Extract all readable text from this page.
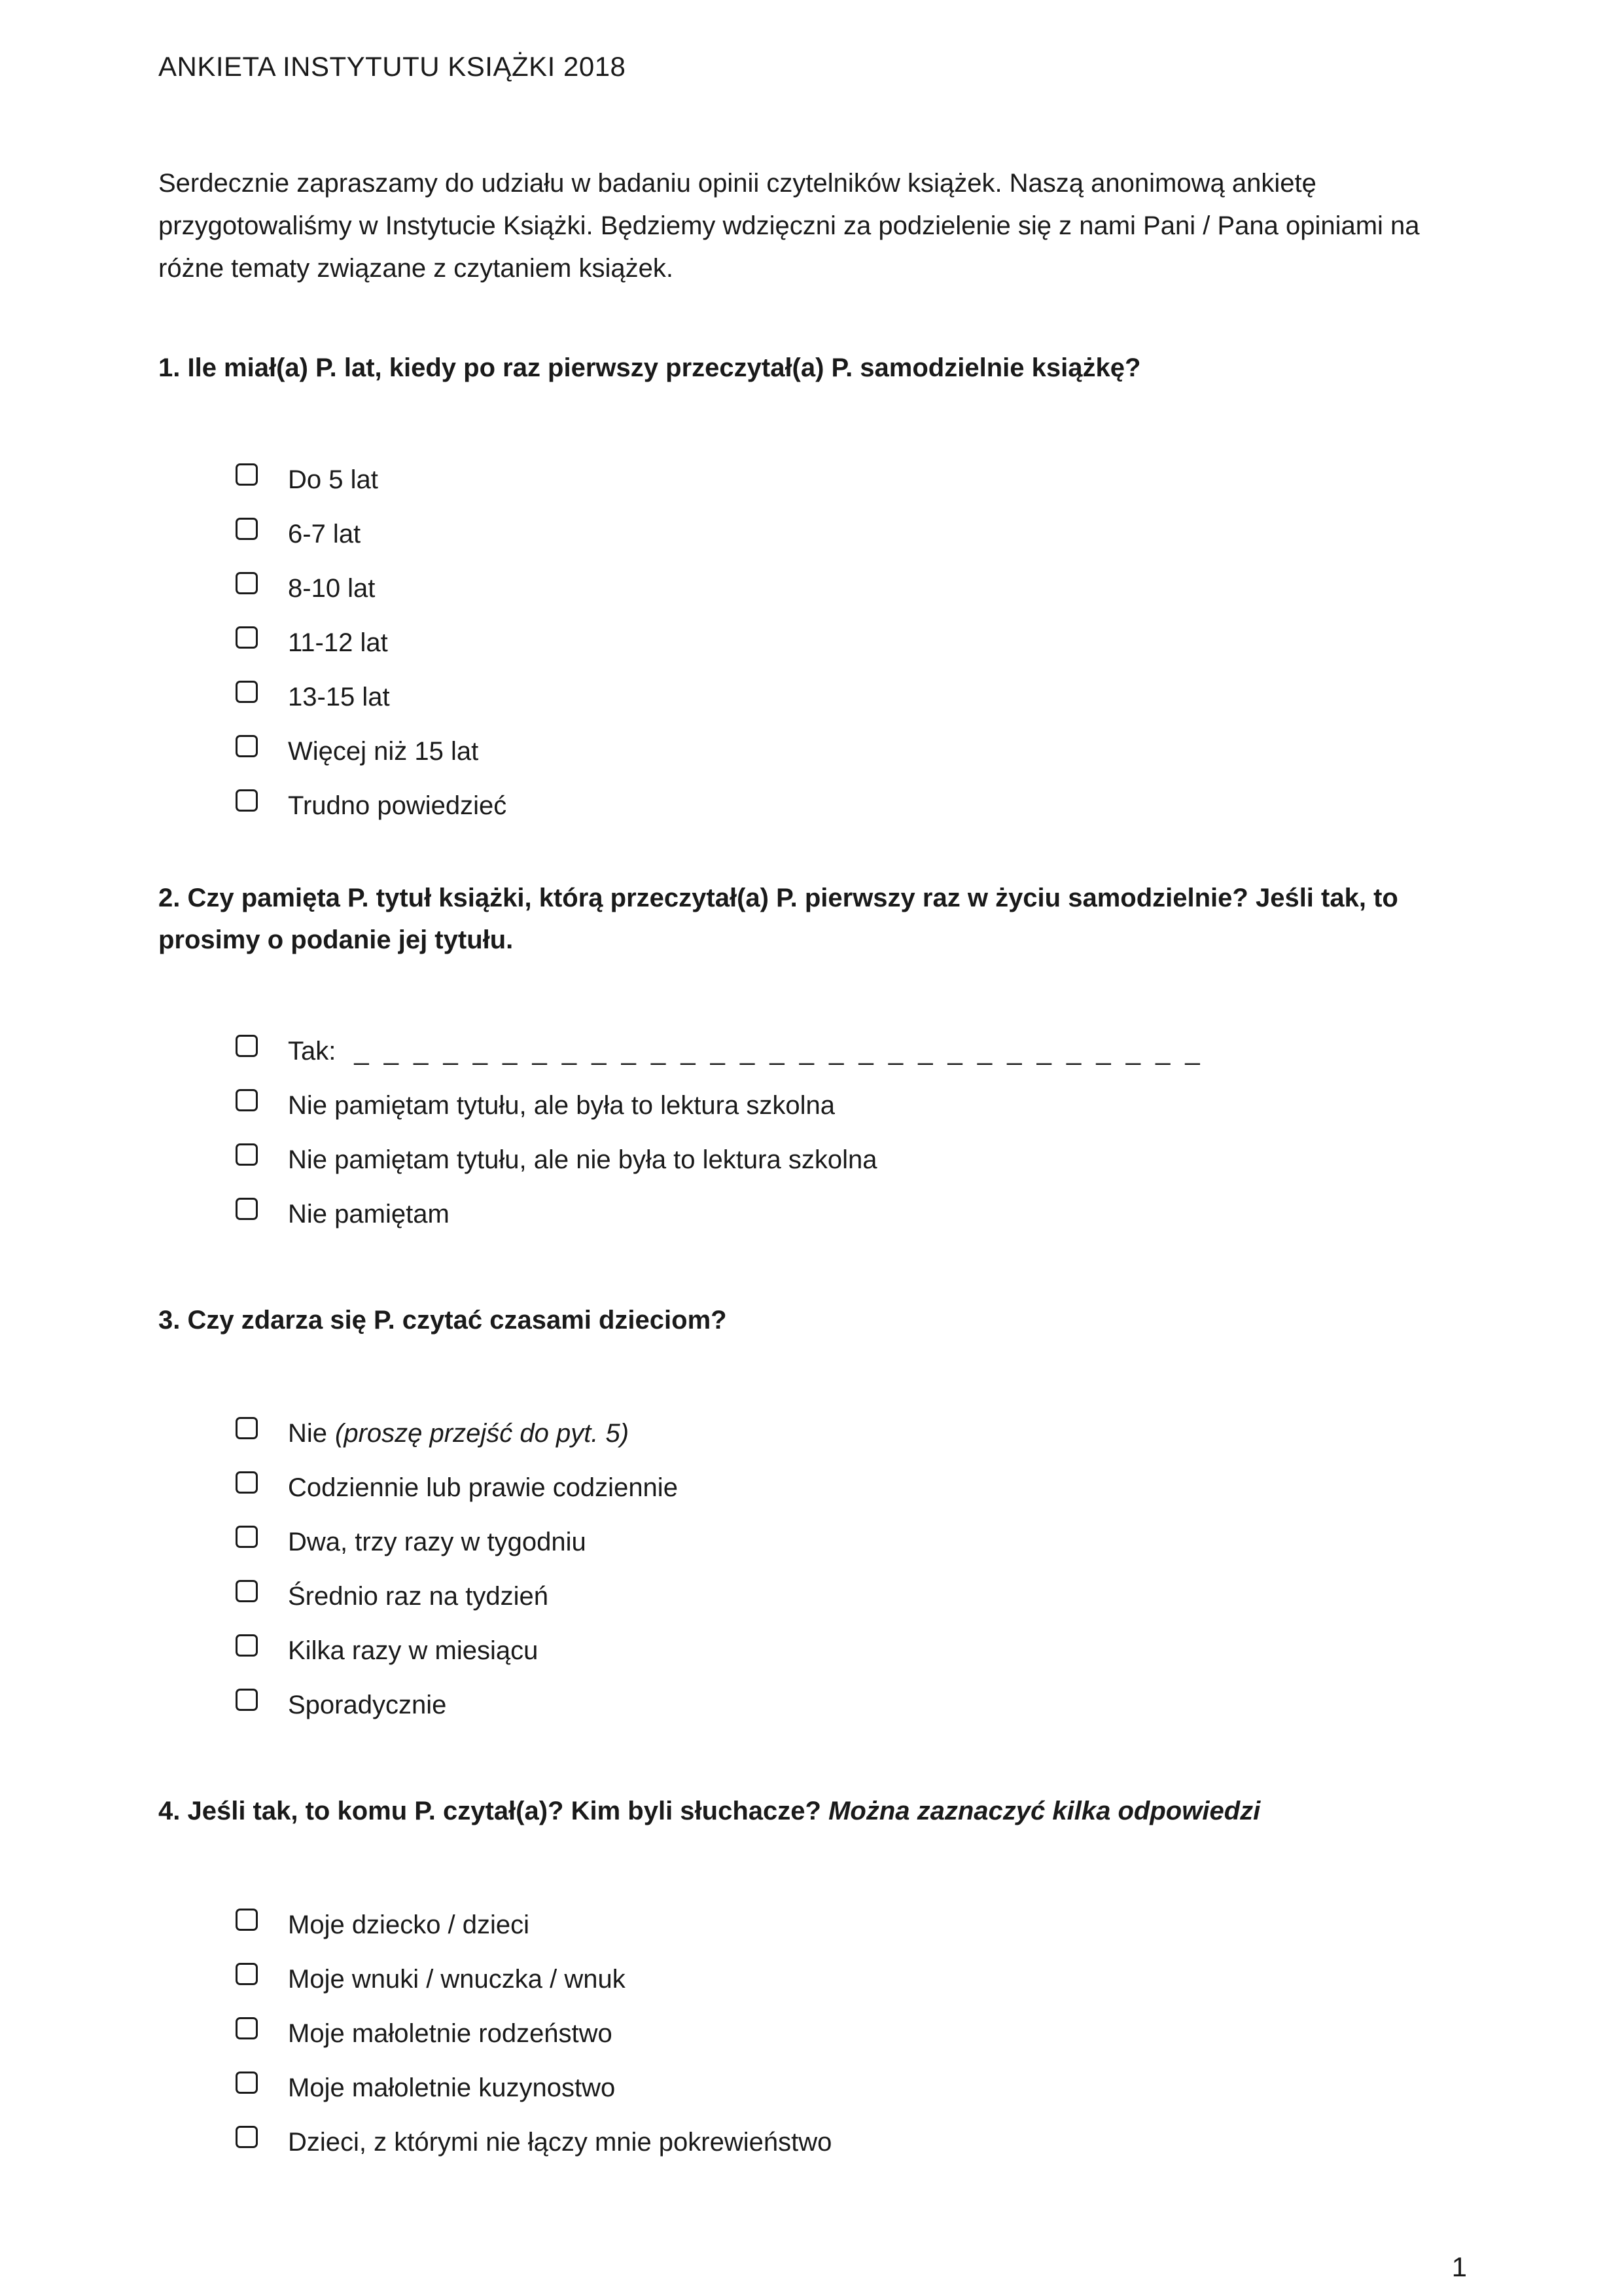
ANKIETA INSTYTUTU KSIĄŻKI 2018
Serdecznie zapraszamy do udziału w badaniu opinii czytelników książek. Naszą anonimową ankietę przygotowaliśmy w Instytucie Książki. Będziemy wdzięczni za podzielenie się z nami Pani / Pana opiniami na różne tematy związane z czytaniem książek.
1. Ile miał(a) P. lat, kiedy po raz pierwszy przeczytał(a) P. samodzielnie książkę?
Do 5 lat
6-7 lat
8-10 lat
11-12 lat
13-15 lat
Więcej niż 15 lat
Trudno powiedzieć
2. Czy pamięta P. tytuł książki, którą przeczytał(a) P. pierwszy raz w życiu samodzielnie? Jeśli tak, to prosimy o podanie jej tytułu.
Tak: _ _ _ _ _ _ _ _ _ _ _ _ _ _ _ _ _ _ _ _ _ _ _ _ _ _ _ _ _
Nie pamiętam tytułu, ale była to lektura szkolna
Nie pamiętam tytułu, ale nie była to lektura szkolna
Nie pamiętam
3. Czy zdarza się P. czytać czasami dzieciom?
Nie (proszę przejść do pyt. 5)
Codziennie lub prawie codziennie
Dwa, trzy razy w tygodniu
Średnio raz na tydzień
Kilka razy w miesiącu
Sporadycznie
4. Jeśli tak, to komu P. czytał(a)? Kim byli słuchacze? Można zaznaczyć kilka odpowiedzi
Moje dziecko / dzieci
Moje wnuki / wnuczka / wnuk
Moje małoletnie rodzeństwo
Moje małoletnie kuzynostwo
Dzieci, z którymi nie łączy mnie pokrewieństwo
1
